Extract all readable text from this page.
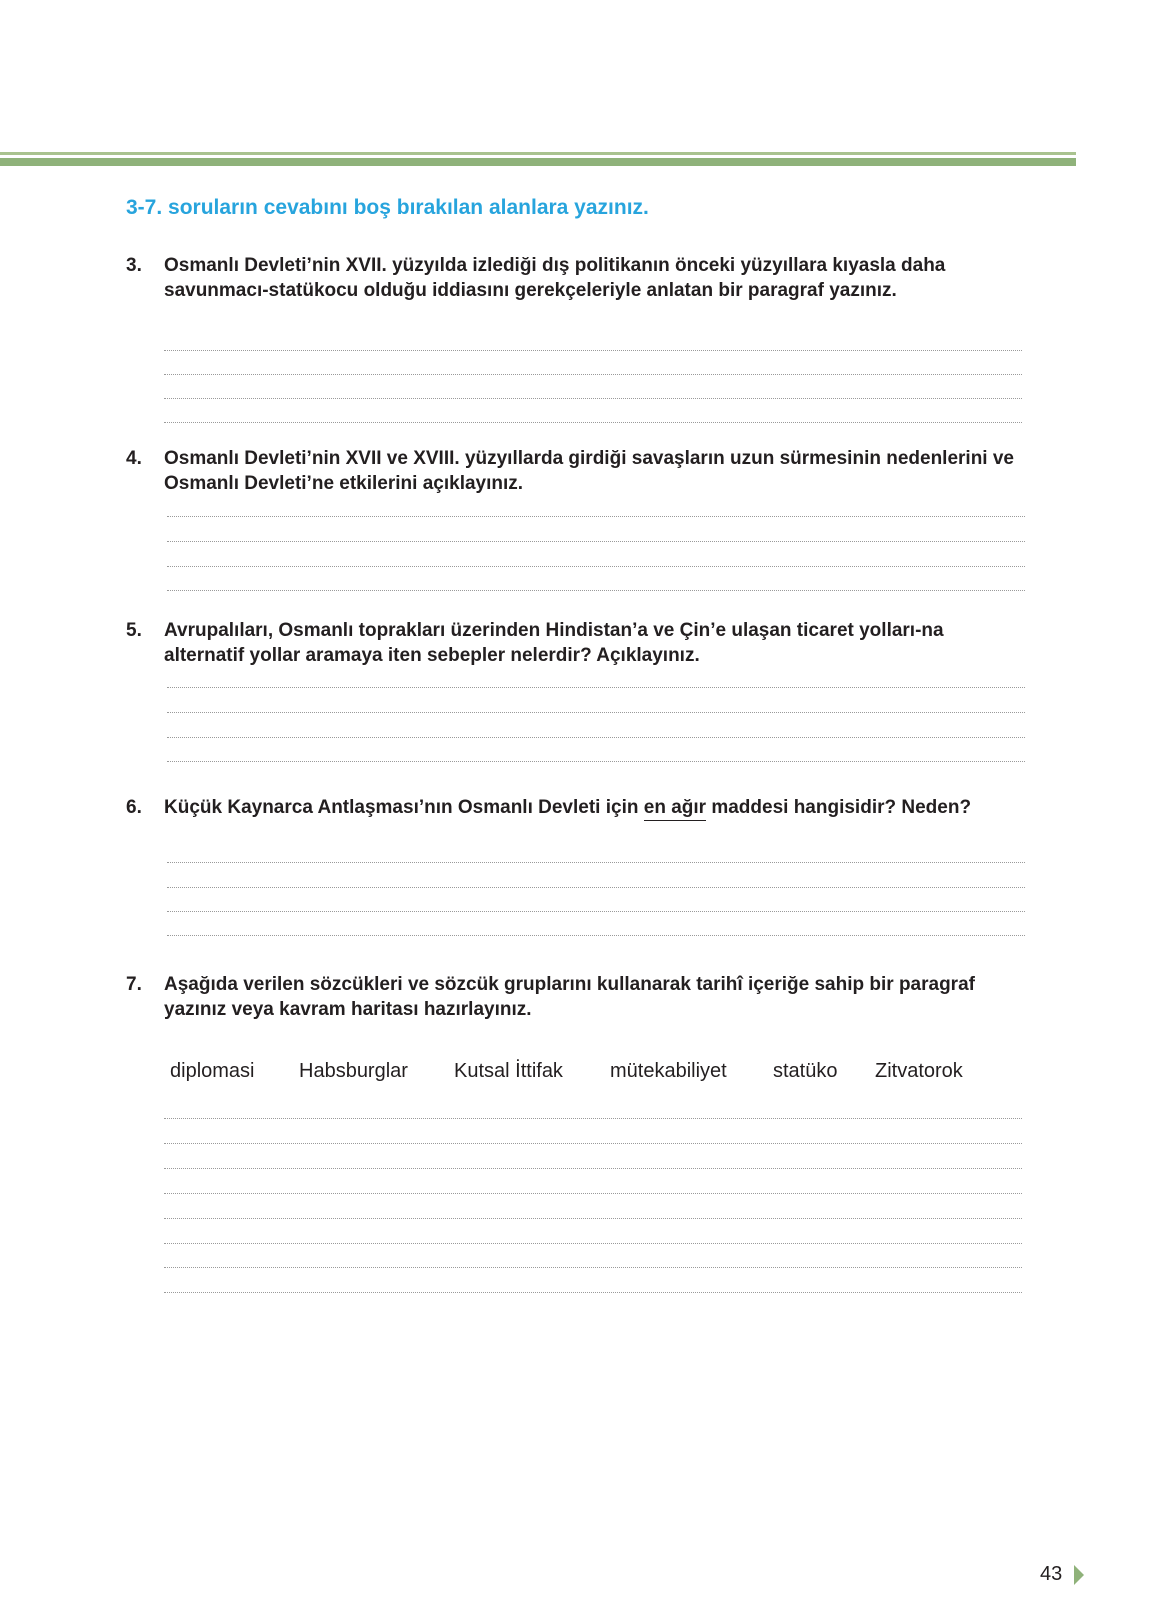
3-7. soruların cevabını boş bırakılan alanlara yazınız.
3. Osmanlı Devleti’nin XVII. yüzyılda izlediği dış politikanın önceki yüzyıllara kıyasla daha savunmacı-statükocu olduğu iddiasını gerekçeleriyle anlatan bir paragraf yazınız.

4. Osmanlı Devleti’nin XVII ve XVIII. yüzyıllarda girdiği savaşların uzun sürmesinin nedenlerini ve Osmanlı Devleti’ne etkilerini açıklayınız.

5. Avrupalıları, Osmanlı toprakları üzerinden Hindistan’a ve Çin’e ulaşan ticaret yolları-na alternatif yollar aramaya iten sebepler nelerdir? Açıklayınız.

6. Küçük Kaynarca Antlaşması’nın Osmanlı Devleti için en ağır maddesi hangisidir? Neden?

7. Aşağıda verilen sözcükleri ve sözcük gruplarını kullanarak tarihî içeriğe sahip bir paragraf yazınız veya kavram haritası hazırlayınız.

diplomasi Habsburglar Kutsal İttifak mütekabiliyet statüko Zitvatorok
43
